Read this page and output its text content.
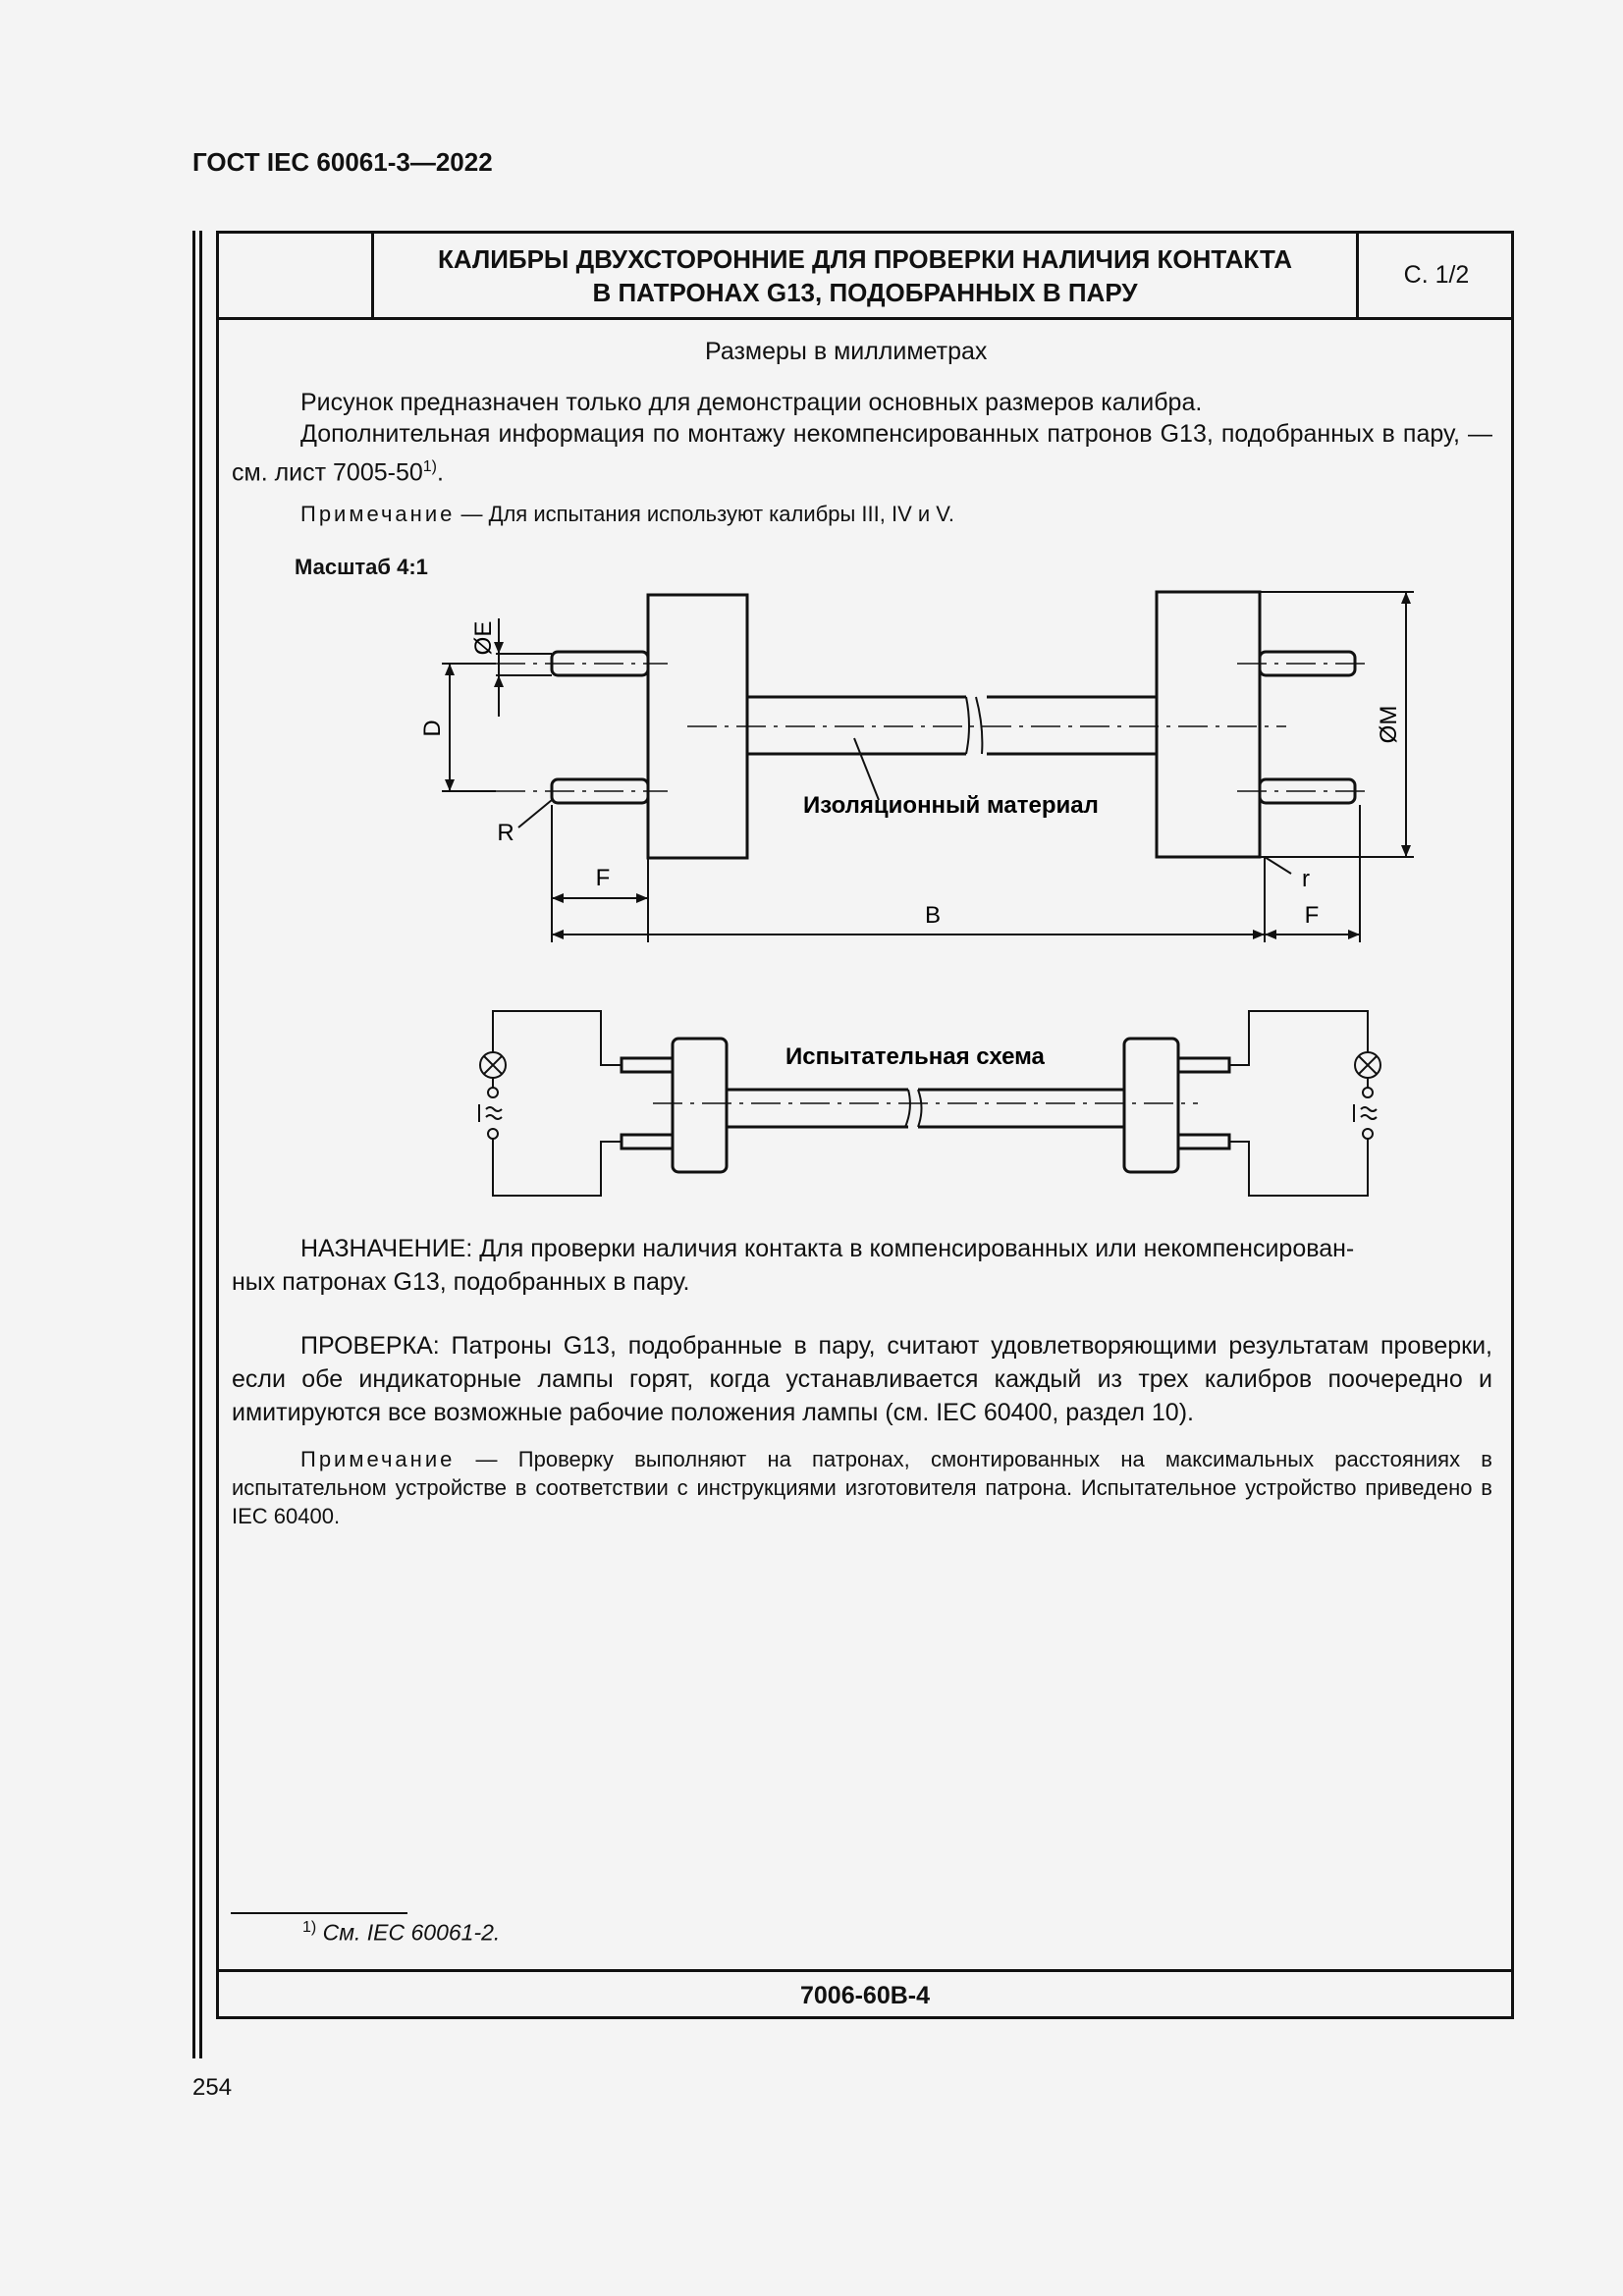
ГОСТ IEC 60061-3—2022
КАЛИБРЫ ДВУХСТОРОННИЕ ДЛЯ ПРОВЕРКИ НАЛИЧИЯ КОНТАКТА
В ПАТРОНАХ G13, ПОДОБРАННЫХ В ПАРУ
С. 1/2
7006-60B-4
Размеры в миллиметрах
Рисунок предназначен только для демонстрации основных размеров калибра.
Дополнительная информация по монтажу некомпенсированных патронов G13, подобранных в пару, — см. лист 7005-50$^{1)}$.
Примечание — Для испытания используют калибры III, IV и V.
Масштаб 4:1
ØE
D
R
F
B	F
r
ØM
Изоляционный материал
Испытательная схема
НАЗНАЧЕНИЕ: Для проверки наличия контакта в компенсированных или некомпенсирован-
ных патронах G13, подобранных в пару.
ПРОВЕРКА: Патроны G13, подобранные в пару, считают удовлетворяющими результатам проверки, если обе индикаторные лампы горят, когда устанавливается каждый из трех калибров поочередно и имитируются все возможные рабочие положения лампы (см. IEC 60400, раздел 10).
Примечание — Проверку выполняют на патронах, смонтированных на максимальных расстояниях в испытательном устройстве в соответствии с инструкциями изготовителя патрона. Испытательное устройство приведено в IEC 60400.
$^{1)}$ См. IEC 60061-2.
254
